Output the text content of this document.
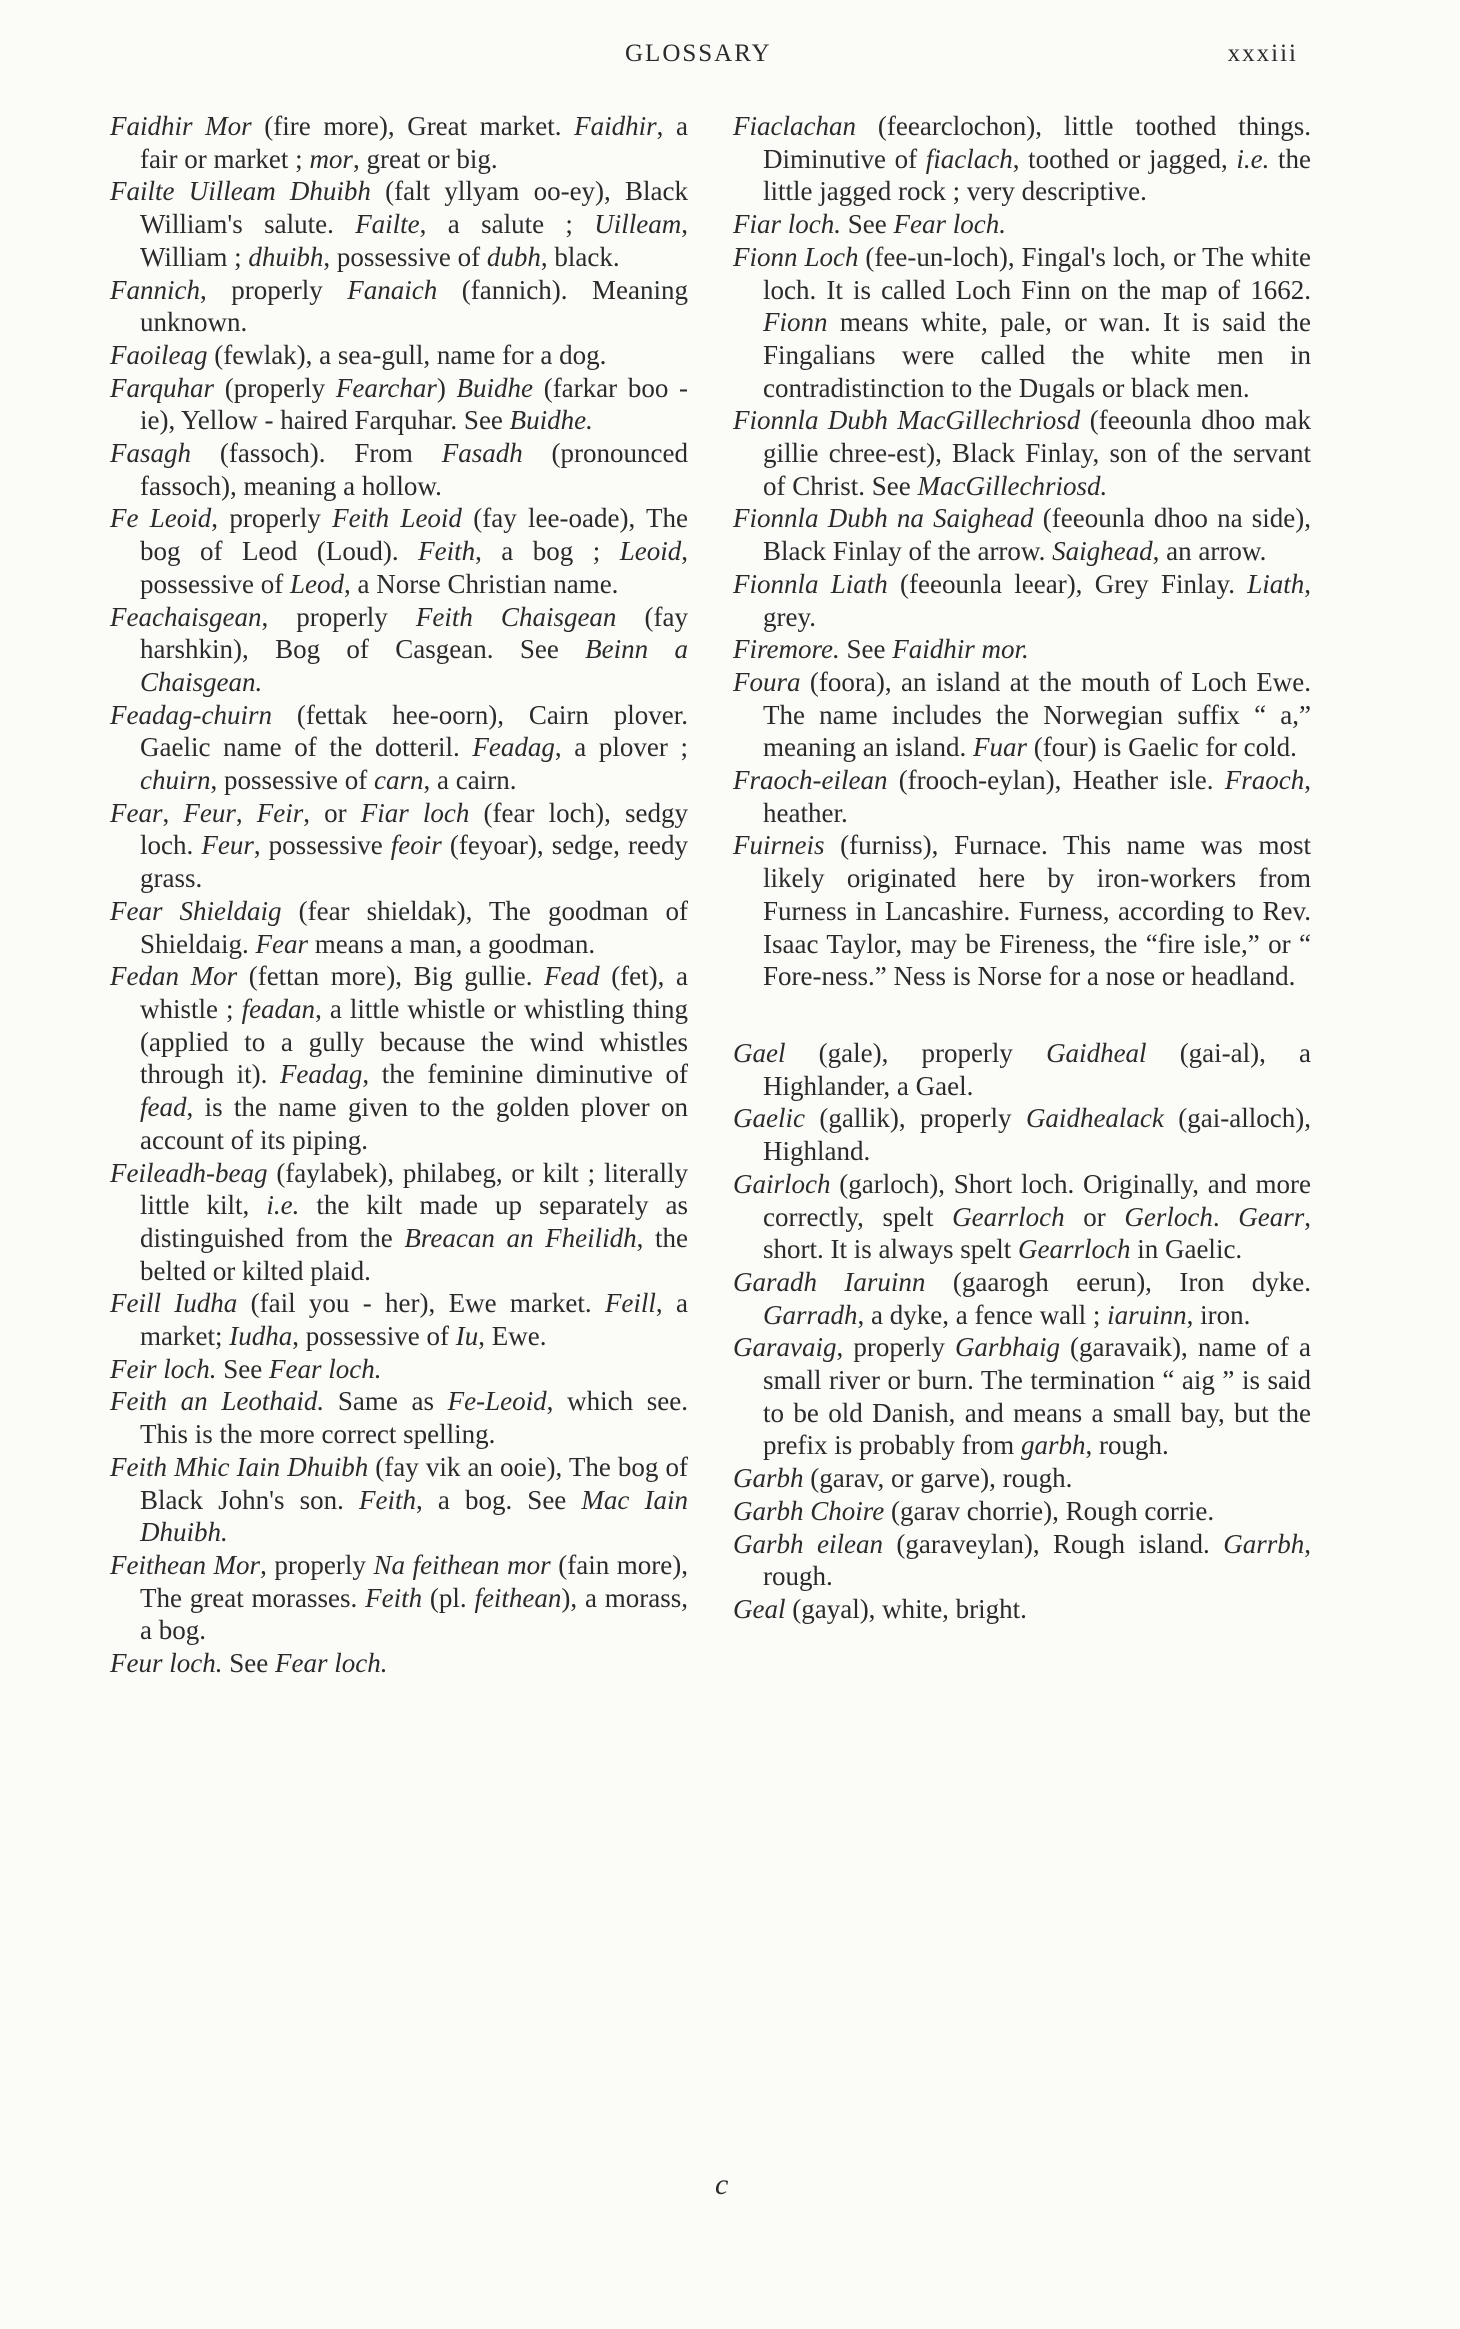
GLOSSARY	xxxiii
Faidhir Mor (fire more), Great market. Faidhir, a fair or market ; mor, great or big.
Failte Uilleam Dhuibh (falt yllyam oo-ey), Black William's salute. Failte, a salute ; Uilleam, William ; dhuibh, possessive of dubh, black.
Fannich, properly Fanaich (fannich). Meaning unknown.
Faoileag (fewlak), a sea-gull, name for a dog.
Farquhar (properly Fearchar) Buidhe (farkar boo - ie), Yellow - haired Farquhar. See Buidhe.
Fasagh (fassoch). From Fasadh (pronounced fassoch), meaning a hollow.
Fe Leoid, properly Feith Leoid (fay lee-oade), The bog of Leod (Loud). Feith, a bog ; Leoid, possessive of Leod, a Norse Christian name.
Feachaisgean, properly Feith Chaisgean (fay harshkin), Bog of Casgean. See Beinn a Chaisgean.
Feadag-chuirn (fettak hee-oorn), Cairn plover. Gaelic name of the dotteril. Feadag, a plover ; chuirn, possessive of carn, a cairn.
Fear, Feur, Feir, or Fiar loch (fear loch), sedgy loch. Feur, possessive feoir (feyoar), sedge, reedy grass.
Fear Shieldaig (fear shieldak), The goodman of Shieldaig. Fear means a man, a goodman.
Fedan Mor (fettan more), Big gullie. Fead (fet), a whistle ; feadan, a little whistle or whistling thing (applied to a gully because the wind whistles through it). Feadag, the feminine diminutive of fead, is the name given to the golden plover on account of its piping.
Feileadh-beag (faylabek), philabeg, or kilt ; literally little kilt, i.e. the kilt made up separately as distinguished from the Breacan an Fheilidh, the belted or kilted plaid.
Feill Iudha (fail you - her), Ewe market. Feill, a market; Iudha, possessive of Iu, Ewe.
Feir loch. See Fear loch.
Feith an Leothaid. Same as Fe-Leoid, which see. This is the more correct spelling.
Feith Mhic Iain Dhuibh (fay vik an ooie), The bog of Black John's son. Feith, a bog. See Mac Iain Dhuibh.
Feithean Mor, properly Na feithean mor (fain more), The great morasses. Feith (pl. feithean), a morass, a bog.
Feur loch. See Fear loch.
Fiaclachan (feearclochon), little toothed things. Diminutive of fiaclach, toothed or jagged, i.e. the little jagged rock ; very descriptive.
Fiar loch. See Fear loch.
Fionn Loch (fee-un-loch), Fingal's loch, or The white loch. It is called Loch Finn on the map of 1662. Fionn means white, pale, or wan. It is said the Fingalians were called the white men in contradistinction to the Dugals or black men.
Fionnla Dubh MacGillechriosd (feeounla dhoo mak gillie chree-est), Black Finlay, son of the servant of Christ. See MacGillechriosd.
Fionnla Dubh na Saighead (feeounla dhoo na side), Black Finlay of the arrow. Saighead, an arrow.
Fionnla Liath (feeounla leear), Grey Finlay. Liath, grey.
Firemore. See Faidhir mor.
Foura (foora), an island at the mouth of Loch Ewe. The name includes the Norwegian suffix “ a,” meaning an island. Fuar (four) is Gaelic for cold.
Fraoch-eilean (frooch-eylan), Heather isle. Fraoch, heather.
Fuirneis (furniss), Furnace. This name was most likely originated here by iron-workers from Furness in Lancashire. Furness, according to Rev. Isaac Taylor, may be Fireness, the “fire isle,” or “ Fore-ness.” Ness is Norse for a nose or headland.
Gael (gale), properly Gaidheal (gai-al), a Highlander, a Gael.
Gaelic (gallik), properly Gaidhealack (gai-alloch), Highland.
Gairloch (garloch), Short loch. Originally, and more correctly, spelt Gearrloch or Gerloch. Gearr, short. It is always spelt Gearrloch in Gaelic.
Garadh Iaruinn (gaarogh eerun), Iron dyke. Garradh, a dyke, a fence wall ; iaruinn, iron.
Garavaig, properly Garbhaig (garavaik), name of a small river or burn. The termination “ aig ” is said to be old Danish, and means a small bay, but the prefix is probably from garbh, rough.
Garbh (garav, or garve), rough.
Garbh Choire (garav chorrie), Rough corrie.
Garbh eilean (garaveylan), Rough island. Garrbh, rough.
Geal (gayal), white, bright.
c
